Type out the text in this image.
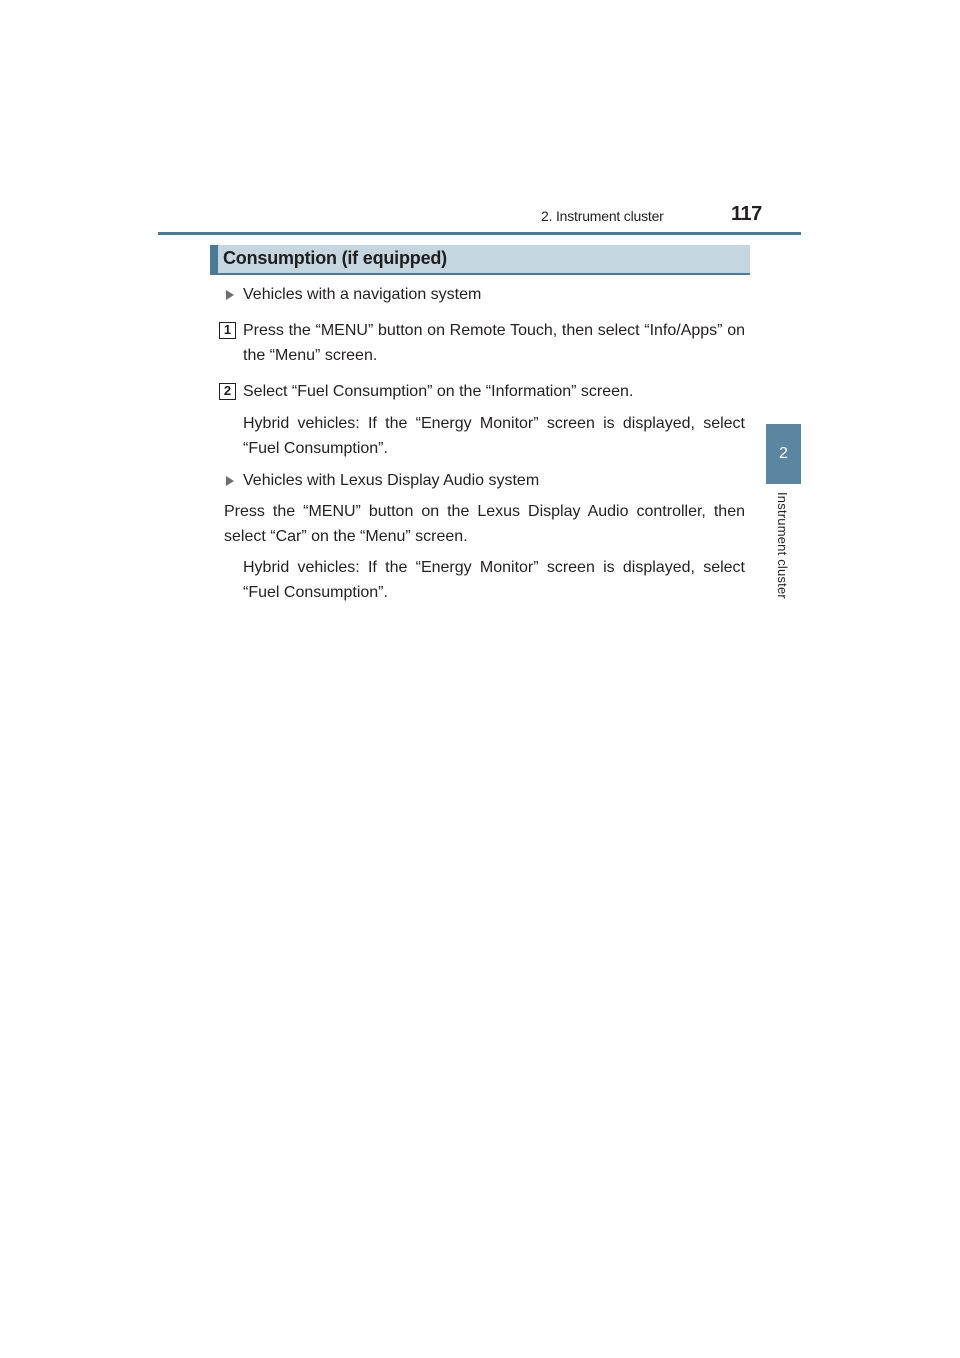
2. Instrument cluster	117
2
Instrument cluster
Consumption (if equipped)
Vehicles with a navigation system
1 Press the “MENU” button on Remote Touch, then select “Info/Apps” on
the “Menu” screen.
2 Select “Fuel Consumption” on the “Information” screen.
Hybrid vehicles: If the “Energy Monitor” screen is displayed, select
“Fuel Consumption”.
Vehicles with Lexus Display Audio system
Press the “MENU” button on the Lexus Display Audio controller, then
select “Car” on the “Menu” screen.
Hybrid vehicles: If the “Energy Monitor” screen is displayed, select
“Fuel Consumption”.
